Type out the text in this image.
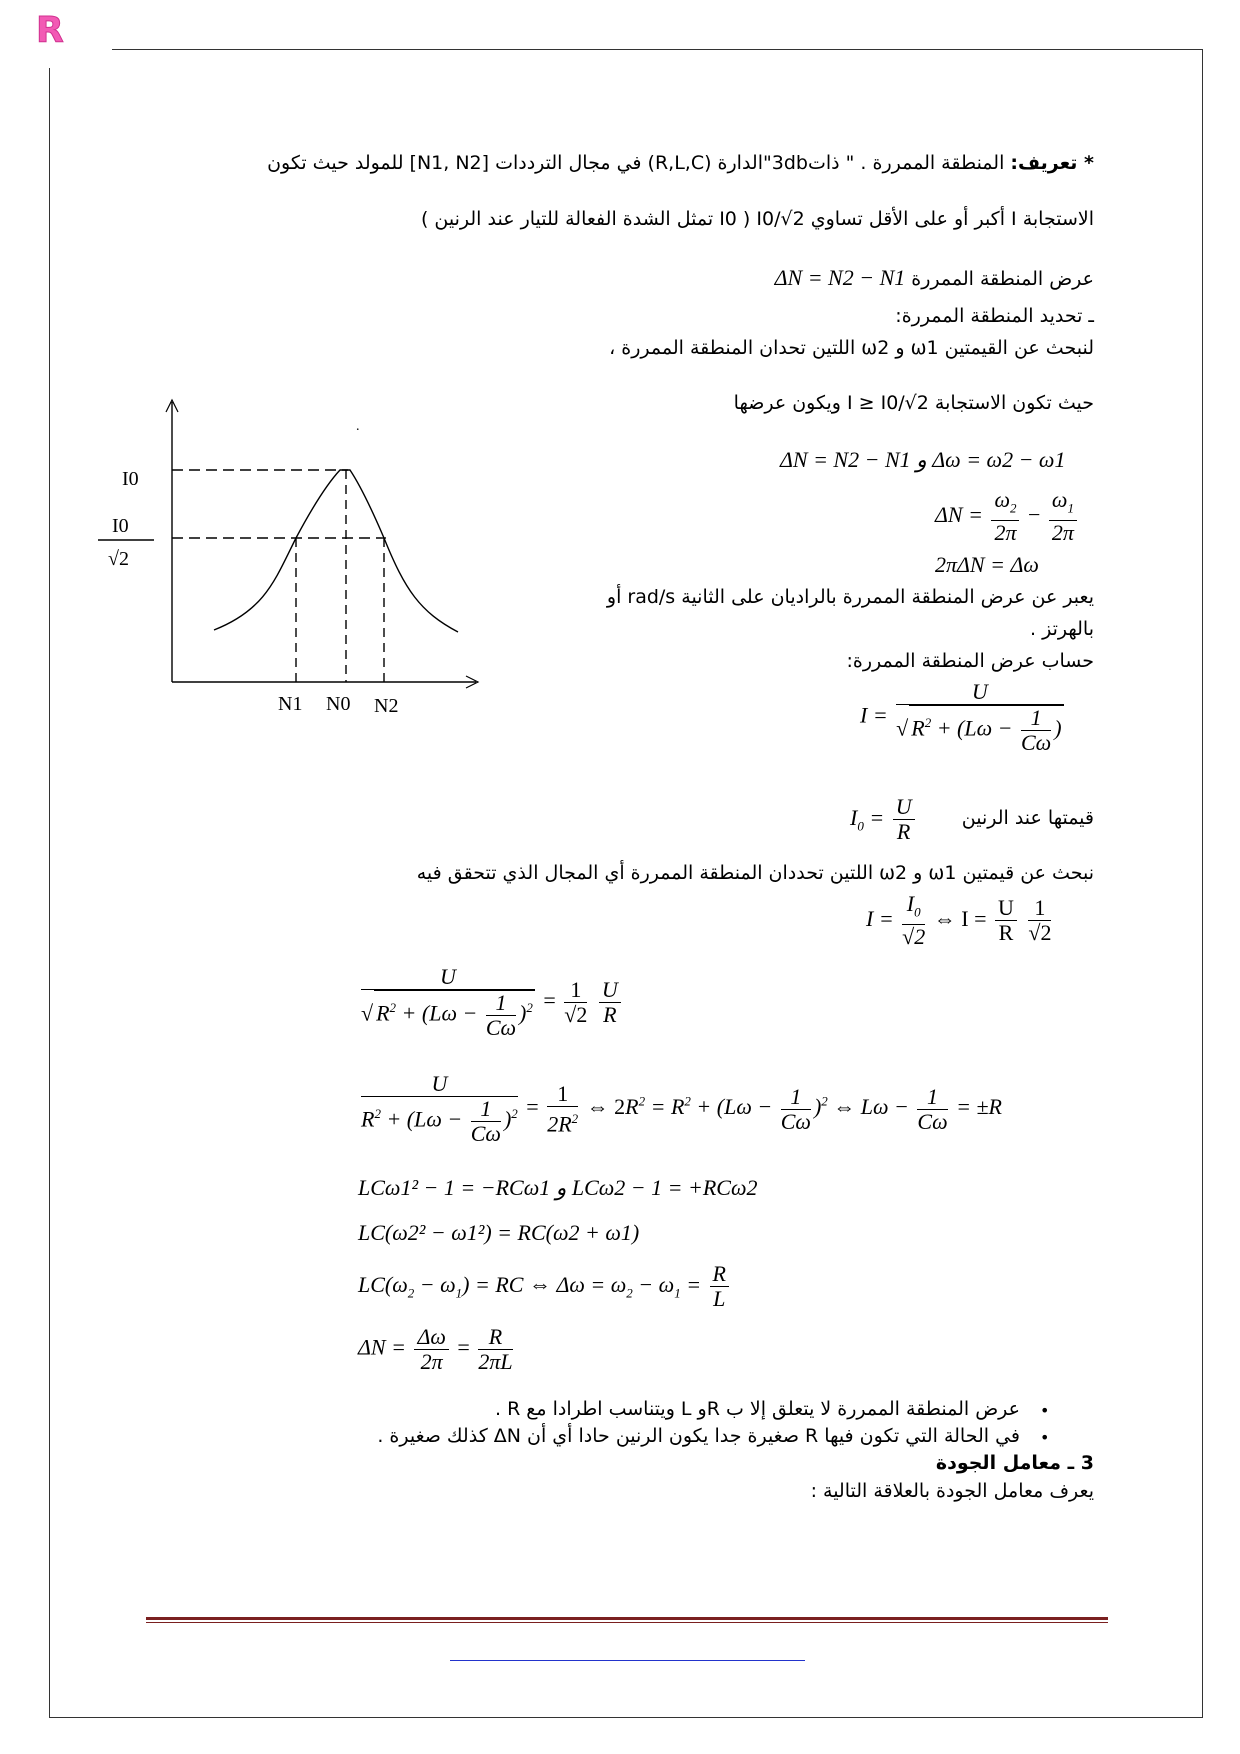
R
* تعريف: المنطقة الممررة . " ذات3db"الدارة (R,L,C) في مجال الترددات [N1, N2] للمولد حيث تكون
الاستجابة I أكبر أو على الأقل تساوي I0/√2 ( I0 تمثل الشدة الفعالة للتيار عند الرنين )
عرض المنطقة الممررة ΔN = N2 − N1
ـ تحديد المنطقة الممررة:
لنبحث عن القيمتين ω1 و ω2 اللتين تحدان المنطقة الممررة ،
حيث تكون الاستجابة I ≥ I0/√2 ويكون عرضها
ΔN = N2 − N1 و Δω = ω2 − ω1
$\Delta N = \frac{\omega_2}{2\pi} - \frac{\omega_1}{2\pi}$
2πΔN = Δω
يعبر عن عرض المنطقة الممررة بالراديان على الثانية rad/s أو
بالهرتز .
حساب عرض المنطقة الممررة:
$I = \frac{U}{√ R^2 + (L\omega - \frac{1}{C\omega} )}$
قيمتها عند الرنين
$I_0 = \frac{U}{R}$
نبحث عن قيمتين ω1 و ω2 اللتين تحددان المنطقة الممررة أي المجال الذي تتحقق فيه
$I = \frac{I_0}{√2}$ ⇔ $I = \frac{U}{R}$
$\frac{1}{√2}$
$\frac{U}{√ R^2 + (L\omega - \frac{1}{C\omega} )^2} = \frac{1}{√2}$
$\frac{U}{R}$
$\frac{U}{R^2 + (L\omega - \frac{1}{C\omega} )^2} = \frac{1}{2R^2}$ ⇔ $2R^2 = R^2 + (L\omega - \frac{1}{C\omega} )^2$ ⇔ $L\omega - \frac{1}{C\omega} = \pm R$
LCω1² − 1 = −RCω1 و LCω2 − 1 = +RCω2
LC(ω2² − ω1²) = RC(ω2 + ω1)
$LC(\omega_2 - \omega_1)$ = RC ⇔ $\Delta\omega = \omega_2 - \omega_1 = \frac{R}{L}$
$\Delta N = \frac{\Delta\omega}{2\pi} = \frac{R}{2\pi L}$
•
عرض المنطقة الممررة لا يتعلق إلا ب Rو L ويتناسب اطرادا مع R .
•
في الحالة التي تكون فيها R صغيرة جدا يكون الرنين حادا أي أن ΔN كذلك صغيرة .
3 ـ معامل الجودة
يعرف معامل الجودة بالعلاقة التالية :
I0
I0
√2
N1 N0 N2
.
